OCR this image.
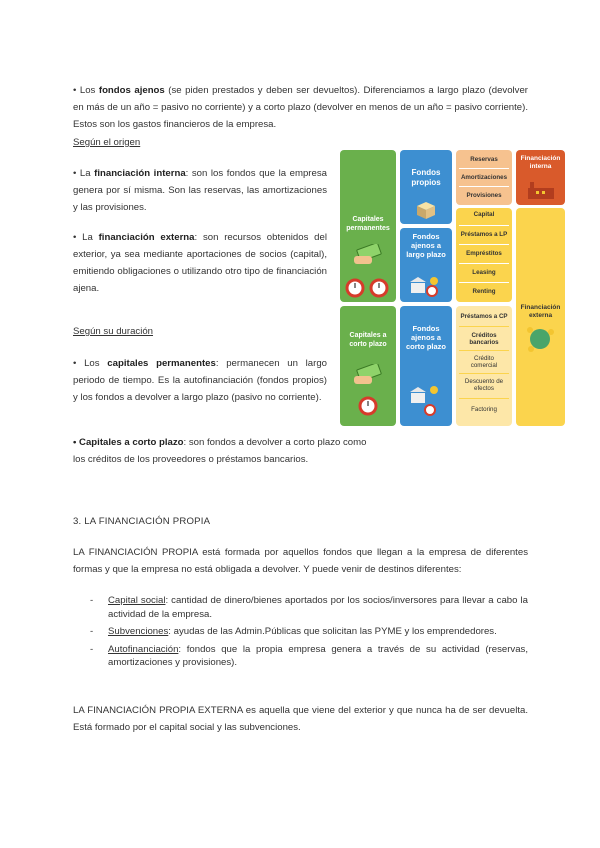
• Los fondos ajenos (se piden prestados y deben ser devueltos). Diferenciamos a largo plazo (devolver en más de un año = pasivo no corriente) y a corto plazo (devolver en menos de un año = pasivo corriente). Estos son los gastos financieros de la empresa.
Según el origen
• La financiación interna: son los fondos que la empresa genera por sí misma. Son las reservas, las amortizaciones y las provisiones.
• La financiación externa: son recursos obtenidos del exterior, ya sea mediante aportaciones de socios (capital), emitiendo obligaciones o utilizando otro tipo de financiación ajena.
Según su duración
• Los capitales permanentes: permanecen un largo periodo de tiempo. Es la autofinanciación (fondos propios) y los fondos a devolver a largo plazo (pasivo no corriente).
• Capitales a corto plazo: son fondos a devolver a corto plazo como los créditos de los proveedores o préstamos bancarios.
Capitales permanentes
Capitales a corto plazo
Fondos propios
Fondos ajenos a largo plazo
Fondos ajenos a corto plazo
Reservas
Amortizaciones
Provisiones
Capital
Préstamos a LP
Empréstitos
Leasing
Renting
Préstamos a CP
Créditos bancarios
Crédito comercial
Descuento de efectos
Factoring
Financiación interna
Financiación externa
3. LA FINANCIACIÓN PROPIA
LA FINANCIACIÓN PROPIA está formada por aquellos fondos que llegan a la empresa de diferentes formas y que la empresa no está obligada a devolver. Y puede venir de destinos diferentes:
- Capital social: cantidad de dinero/bienes aportados por los socios/inversores para llevar a cabo la actividad de la empresa.
- Subvenciones: ayudas de las Admin.Públicas que solicitan las PYME y los emprendedores.
- Autofinanciación: fondos que la propia empresa genera a través de su actividad (reservas, amortizaciones y provisiones).
LA FINANCIACIÓN PROPIA EXTERNA es aquella que viene del exterior y que nunca ha de ser devuelta. Está formado por el capital social y las subvenciones.
